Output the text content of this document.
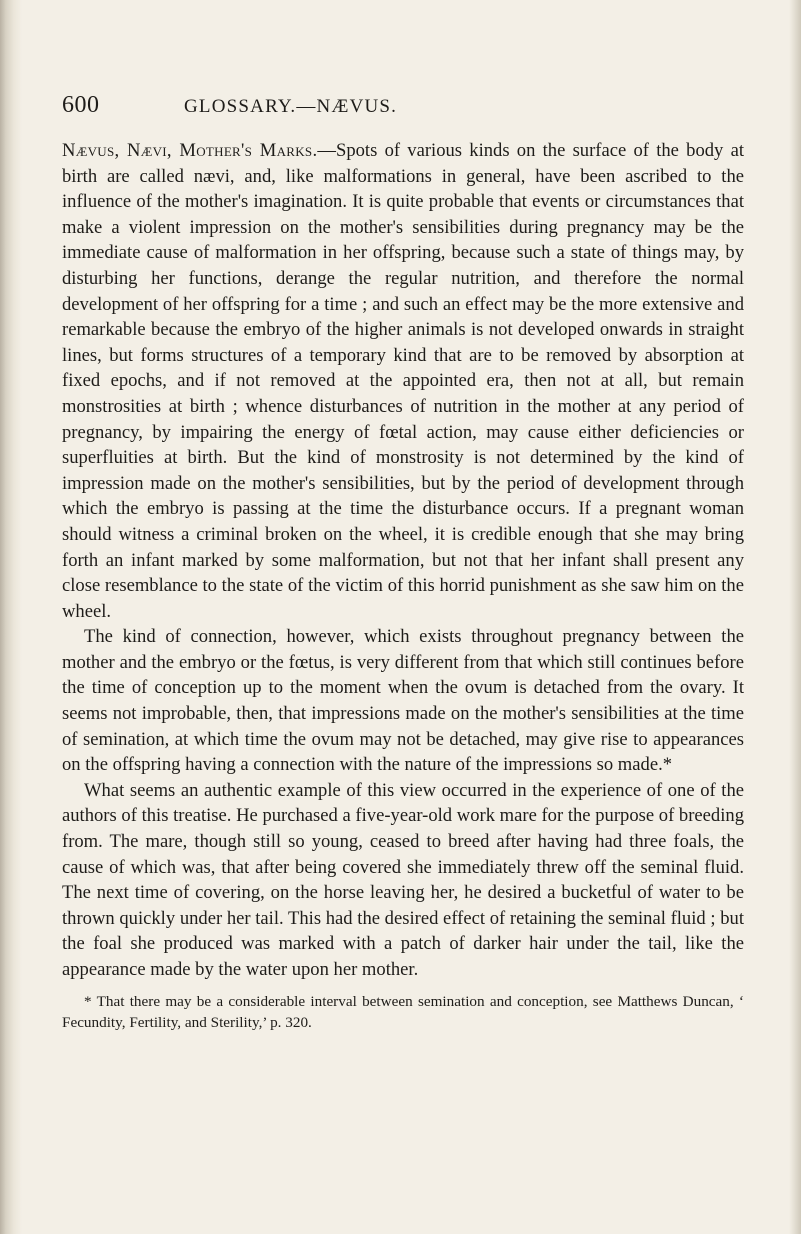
600	GLOSSARY.—NÆVUS.

Nævus, Nævi, Mother's Marks.—Spots of various kinds on the surface of the body at birth are called nævi, and, like malformations in general, have been ascribed to the influence of the mother's imagination. It is quite probable that events or circumstances that make a violent impression on the mother's sensibilities during pregnancy may be the immediate cause of malformation in her offspring, because such a state of things may, by disturbing her functions, derange the regular nutrition, and therefore the normal development of her offspring for a time ; and such an effect may be the more extensive and remarkable because the embryo of the higher animals is not developed onwards in straight lines, but forms structures of a temporary kind that are to be removed by absorption at fixed epochs, and if not removed at the appointed era, then not at all, but remain monstrosities at birth ; whence disturbances of nutrition in the mother at any period of pregnancy, by impairing the energy of fœtal action, may cause either deficiencies or superfluities at birth. But the kind of monstrosity is not determined by the kind of impression made on the mother's sensibilities, but by the period of development through which the embryo is passing at the time the disturbance occurs. If a pregnant woman should witness a criminal broken on the wheel, it is credible enough that she may bring forth an infant marked by some malformation, but not that her infant shall present any close resemblance to the state of the victim of this horrid punishment as she saw him on the wheel.

The kind of connection, however, which exists throughout pregnancy between the mother and the embryo or the fœtus, is very different from that which still continues before the time of conception up to the moment when the ovum is detached from the ovary. It seems not improbable, then, that impressions made on the mother's sensibilities at the time of semination, at which time the ovum may not be detached, may give rise to appearances on the offspring having a connection with the nature of the impressions so made.*

What seems an authentic example of this view occurred in the experience of one of the authors of this treatise. He purchased a five-year-old work mare for the purpose of breeding from. The mare, though still so young, ceased to breed after having had three foals, the cause of which was, that after being covered she immediately threw off the seminal fluid. The next time of covering, on the horse leaving her, he desired a bucketful of water to be thrown quickly under her tail. This had the desired effect of retaining the seminal fluid ; but the foal she produced was marked with a patch of darker hair under the tail, like the appearance made by the water upon her mother.

* That there may be a considerable interval between semination and conception, see Matthews Duncan, ‘ Fecundity, Fertility, and Sterility,’ p. 320.
